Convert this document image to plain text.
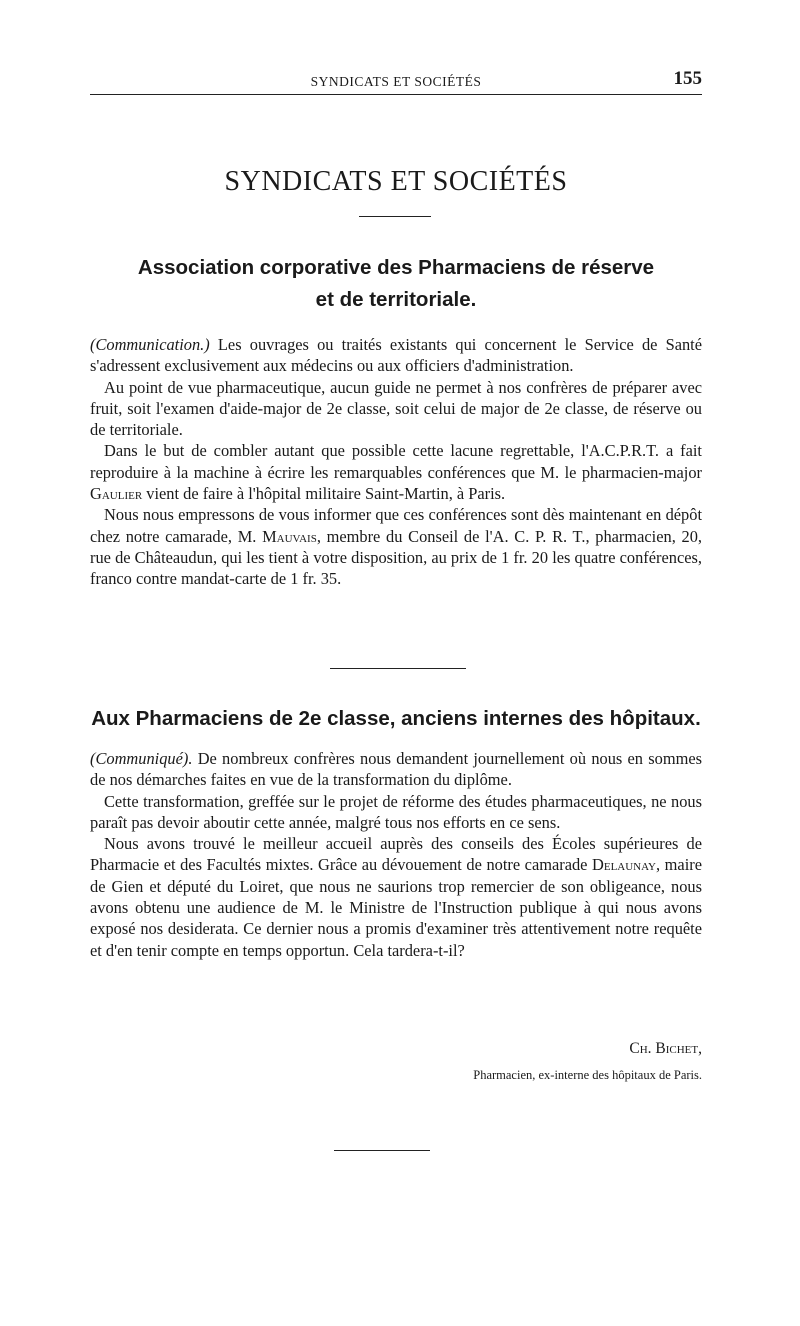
SYNDICATS ET SOCIÉTÉS	155
SYNDICATS ET SOCIÉTÉS
Association corporative des Pharmaciens de réserve
et de territoriale.

(Communication.) Les ouvrages ou traités existants qui concernent le Service de Santé s'adressent exclusivement aux médecins ou aux officiers d'administration.

Au point de vue pharmaceutique, aucun guide ne permet à nos confrères de préparer avec fruit, soit l'examen d'aide-major de 2e classe, soit celui de major de 2e classe, de réserve ou de territoriale.

Dans le but de combler autant que possible cette lacune regrettable, l'A.C.P.R.T. a fait reproduire à la machine à écrire les remarquables conférences que M. le pharmacien-major Gaulier vient de faire à l'hôpital militaire Saint-Martin, à Paris.

Nous nous empressons de vous informer que ces conférences sont dès maintenant en dépôt chez notre camarade, M. Mauvais, membre du Conseil de l'A. C. P. R. T., pharmacien, 20, rue de Châteaudun, qui les tient à votre disposition, au prix de 1 fr. 20 les quatre conférences, franco contre mandat-carte de 1 fr. 35.

Aux Pharmaciens de 2e classe, anciens internes des hôpitaux.

(Communiqué). De nombreux confrères nous demandent journellement où nous en sommes de nos démarches faites en vue de la transformation du diplôme.

Cette transformation, greffée sur le projet de réforme des études pharmaceutiques, ne nous paraît pas devoir aboutir cette année, malgré tous nos efforts en ce sens.

Nous avons trouvé le meilleur accueil auprès des conseils des Écoles supérieures de Pharmacie et des Facultés mixtes. Grâce au dévouement de notre camarade Delaunay, maire de Gien et député du Loiret, que nous ne saurions trop remercier de son obligeance, nous avons obtenu une audience de M. le Ministre de l'Instruction publique à qui nous avons exposé nos desiderata. Ce dernier nous a promis d'examiner très attentivement notre requête et d'en tenir compte en temps opportun. Cela tardera-t-il?

Ch. Bichet,
Pharmacien, ex-interne des hôpitaux de Paris.
